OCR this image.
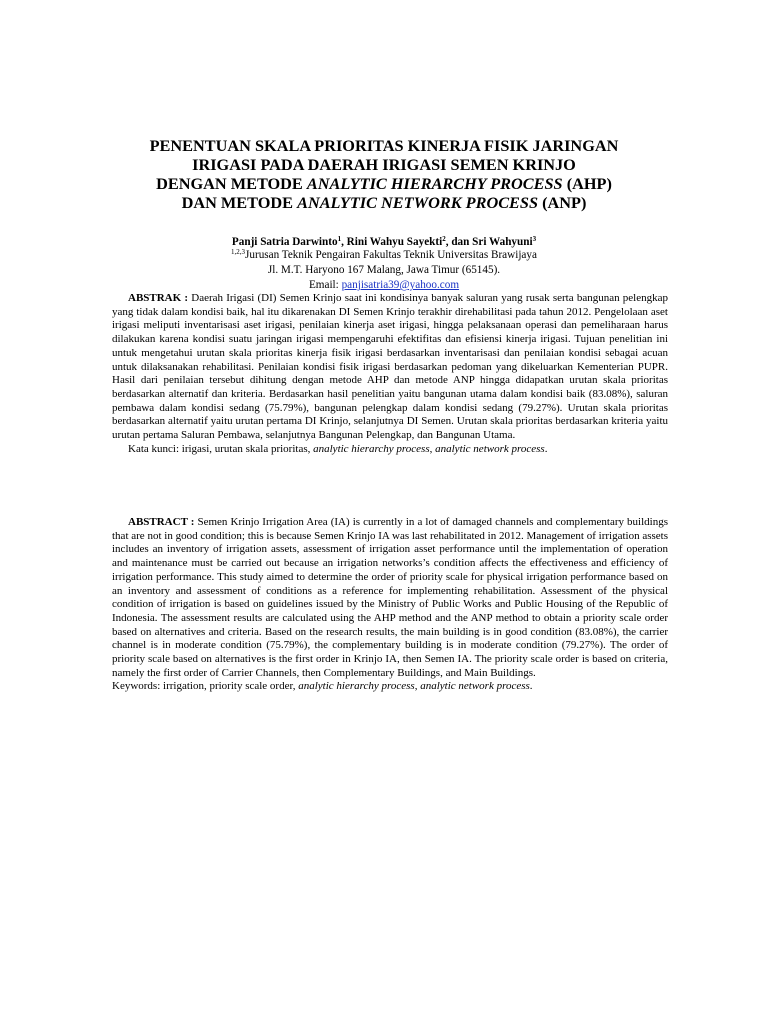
PENENTUAN SKALA PRIORITAS KINERJA FISIK JARINGAN
IRIGASI PADA DAERAH IRIGASI SEMEN KRINJO
DENGAN METODE ANALYTIC HIERARCHY PROCESS (AHP)
DAN METODE ANALYTIC NETWORK PROCESS (ANP)
Panji Satria Darwinto$^1$, Rini Wahyu Sayekti$^2$, dan Sri Wahyuni$^3$
$^{1,2,3}$Jurusan Teknik Pengairan Fakultas Teknik Universitas Brawijaya
Jl. M.T. Haryono 167 Malang, Jawa Timur (65145).
Email: panjisatria39@yahoo.com

ABSTRAK : Daerah Irigasi (DI) Semen Krinjo saat ini kondisinya banyak saluran yang rusak serta bangunan pelengkap yang tidak dalam kondisi baik, hal itu dikarenakan DI Semen Krinjo terakhir direhabilitasi pada tahun 2012. Pengelolaan aset irigasi meliputi inventarisasi aset irigasi, penilaian kinerja aset irigasi, hingga pelaksanaan operasi dan pemeliharaan harus dilakukan karena kondisi suatu jaringan irigasi mempengaruhi efektifitas dan efisiensi kinerja irigasi. Tujuan penelitian ini untuk mengetahui urutan skala prioritas kinerja fisik irigasi berdasarkan inventarisasi dan penilaian kondisi sebagai acuan untuk dilaksanakan rehabilitasi. Penilaian kondisi fisik irigasi berdasarkan pedoman yang dikeluarkan Kementerian PUPR. Hasil dari penilaian tersebut dihitung dengan metode AHP dan metode ANP hingga didapatkan urutan skala prioritas berdasarkan alternatif dan kriteria. Berdasarkan hasil penelitian yaitu bangunan utama dalam kondisi baik (83.08%), saluran pembawa dalam kondisi sedang (75.79%), bangunan pelengkap dalam kondisi sedang (79.27%). Urutan skala prioritas berdasarkan alternatif yaitu urutan pertama DI Krinjo, selanjutnya DI Semen. Urutan skala prioritas berdasarkan kriteria yaitu urutan pertama Saluran Pembawa, selanjutnya Bangunan Pelengkap, dan Bangunan Utama.

Kata kunci: irigasi, urutan skala prioritas, analytic hierarchy process, analytic network process.

ABSTRACT : Semen Krinjo Irrigation Area (IA) is currently in a lot of damaged channels and complementary buildings that are not in good condition; this is because Semen Krinjo IA was last rehabilitated in 2012. Management of irrigation assets includes an inventory of irrigation assets, assessment of irrigation asset performance until the implementation of operation and maintenance must be carried out because an irrigation networks’s condition affects the effectiveness and efficiency of irrigation performance. This study aimed to determine the order of priority scale for physical irrigation performance based on an inventory and assessment of conditions as a reference for implementing rehabilitation. Assessment of the physical condition of irrigation is based on guidelines issued by the Ministry of Public Works and Public Housing of the Republic of Indonesia. The assessment results are calculated using the AHP method and the ANP method to obtain a priority scale order based on alternatives and criteria. Based on the research results, the main building is in good condition (83.08%), the carrier channel is in moderate condition (75.79%), the complementary building is in moderate condition (79.27%). The order of priority scale based on alternatives is the first order in Krinjo IA, then Semen IA. The priority scale order is based on criteria, namely the first order of Carrier Channels, then Complementary Buildings, and Main Buildings.

Keywords: irrigation, priority scale order, analytic hierarchy process, analytic network process.
